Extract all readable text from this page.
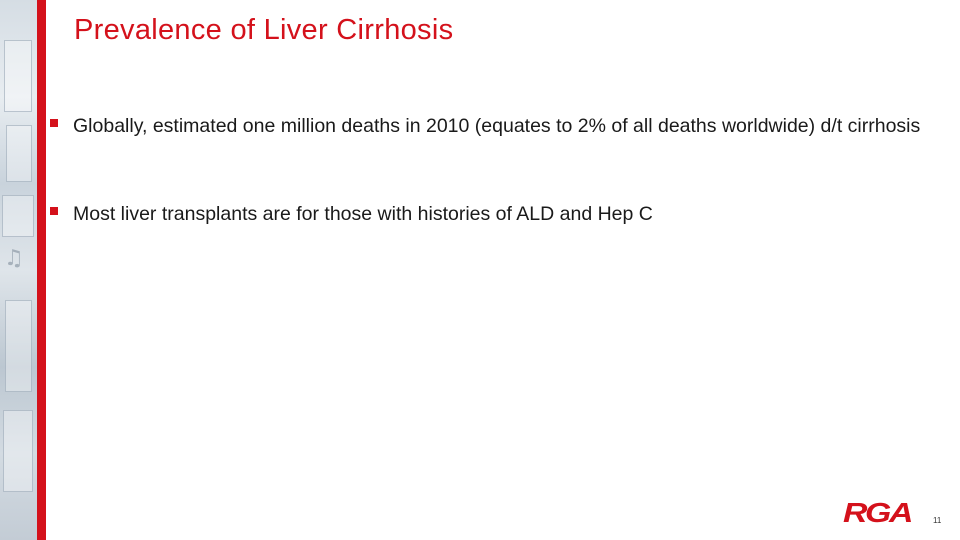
♫
Prevalence of Liver Cirrhosis
Globally, estimated one million deaths in 2010 (equates to 2% of all deaths worldwide) d/t cirrhosis
Most liver transplants are for those with histories of ALD and Hep C
RGA	11
